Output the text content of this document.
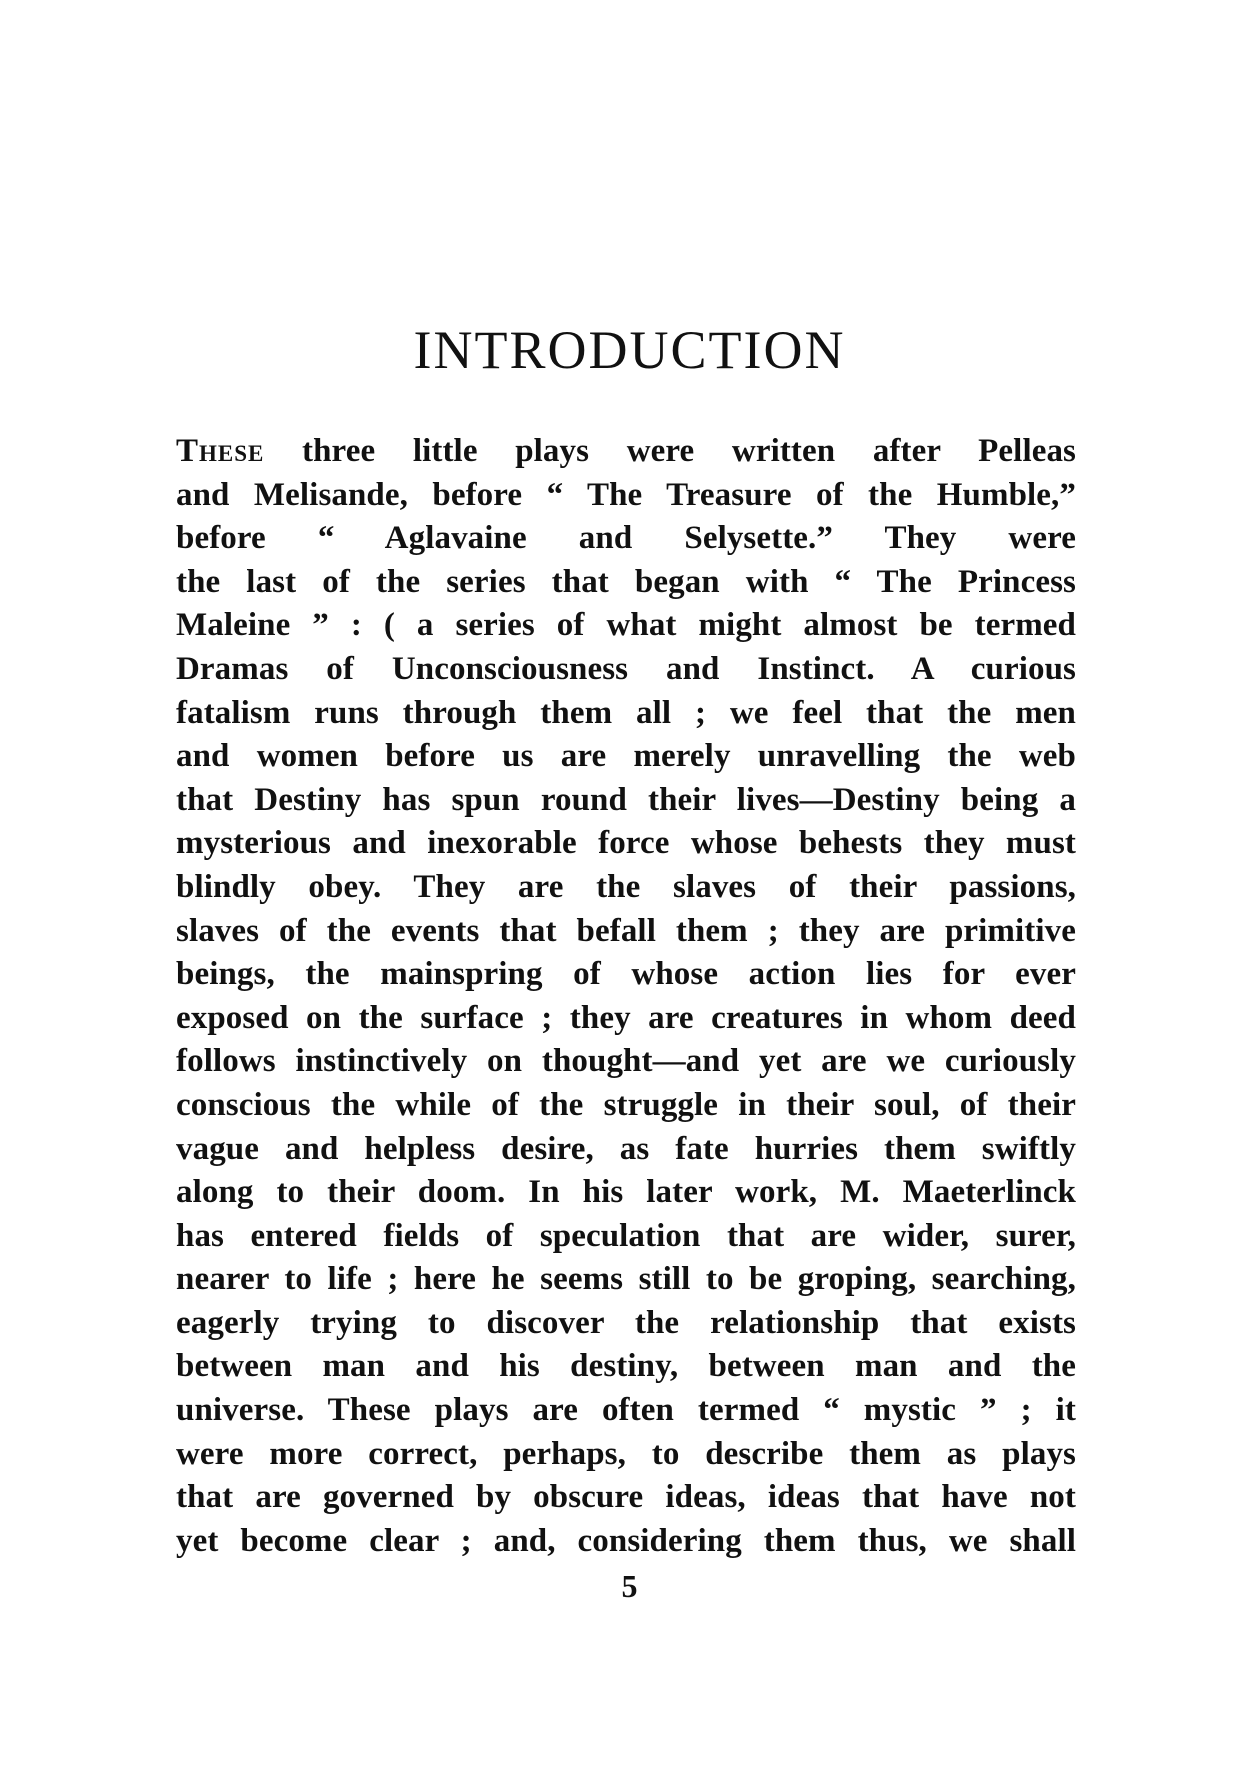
INTRODUCTION
These three little plays were written after Pelleas
and Melisande, before “ The Treasure of the Humble,”
before “ Aglavaine and Selysette.” They were
the last of the series that began with “ The Princess
Maleine ” : ( a series of what might almost be termed
Dramas of Unconsciousness and Instinct. A curious
fatalism runs through them all ; we feel that the men
and women before us are merely unravelling the web
that Destiny has spun round their lives—Destiny being a
mysterious and inexorable force whose behests they must
blindly obey. They are the slaves of their passions,
slaves of the events that befall them ; they are primitive
beings, the mainspring of whose action lies for ever
exposed on the surface ; they are creatures in whom deed
follows instinctively on thought—and yet are we curiously
conscious the while of the struggle in their soul, of their
vague and helpless desire, as fate hurries them swiftly
along to their doom. In his later work, M. Maeterlinck
has entered fields of speculation that are wider, surer,
nearer to life ; here he seems still to be groping, searching,
eagerly trying to discover the relationship that exists
between man and his destiny, between man and the
universe. These plays are often termed “ mystic ” ; it
were more correct, perhaps, to describe them as plays
that are governed by obscure ideas, ideas that have not
yet become clear ; and, considering them thus, we shall
5
